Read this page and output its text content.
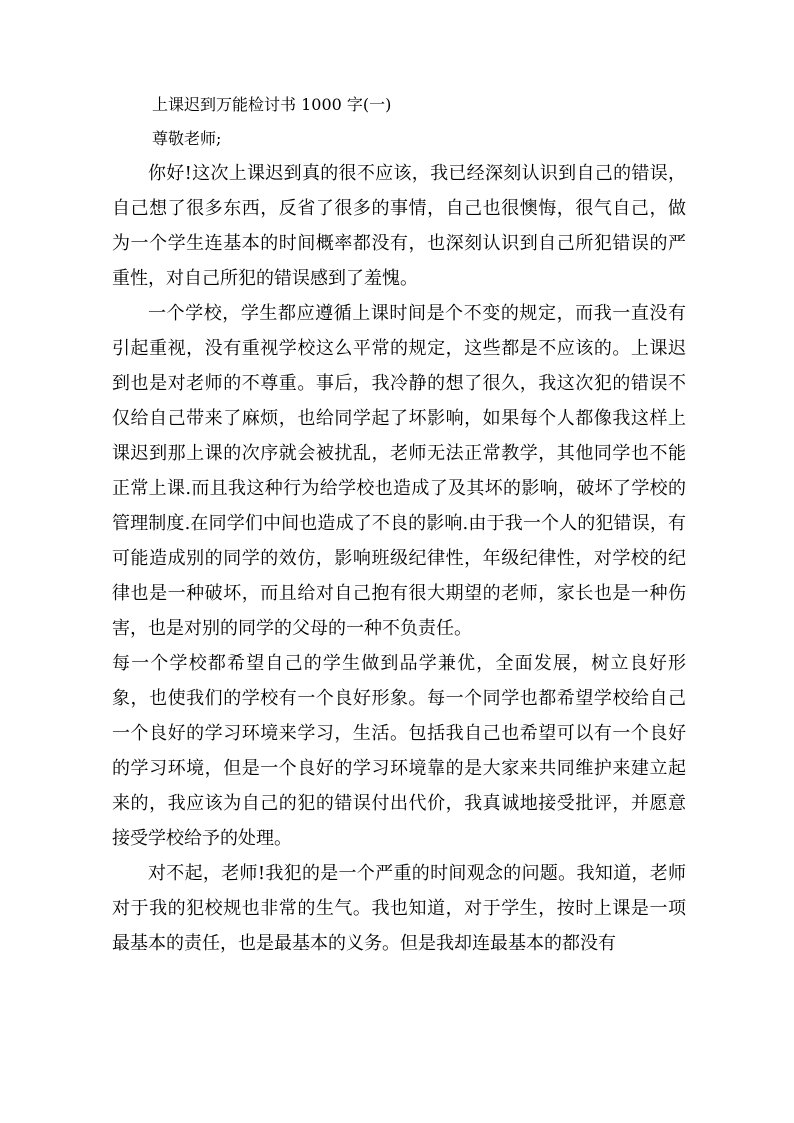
上课迟到万能检讨书 1000 字(一)
尊敬老师;

你好!这次上课迟到真的很不应该，我已经深刻认识到自己的错误，自己想了很多东西，反省了很多的事情，自己也很懊悔，很气自己，做为一个学生连基本的时间概率都没有，也深刻认识到自己所犯错误的严重性，对自己所犯的错误感到了羞愧。

一个学校，学生都应遵循上课时间是个不变的规定，而我一直没有引起重视，没有重视学校这么平常的规定，这些都是不应该的。上课迟到也是对老师的不尊重。事后，我冷静的想了很久，我这次犯的错误不仅给自己带来了麻烦，也给同学起了坏影响，如果每个人都像我这样上课迟到那上课的次序就会被扰乱，老师无法正常教学，其他同学也不能正常上课.而且我这种行为给学校也造成了及其坏的影响，破坏了学校的管理制度.在同学们中间也造成了不良的影响.由于我一个人的犯错误，有可能造成别的同学的效仿，影响班级纪律性，年级纪律性，对学校的纪律也是一种破坏，而且给对自己抱有很大期望的老师，家长也是一种伤害，也是对别的同学的父母的一种不负责任。

每一个学校都希望自己的学生做到品学兼优，全面发展，树立良好形象，也使我们的学校有一个良好形象。每一个同学也都希望学校给自己一个良好的学习环境来学习，生活。包括我自己也希望可以有一个良好的学习环境，但是一个良好的学习环境靠的是大家来共同维护来建立起来的，我应该为自己的犯的错误付出代价，我真诚地接受批评，并愿意接受学校给予的处理。

对不起，老师!我犯的是一个严重的时间观念的问题。我知道，老师对于我的犯校规也非常的生气。我也知道，对于学生，按时上课是一项最基本的责任，也是最基本的义务。但是我却连最基本的都没有
